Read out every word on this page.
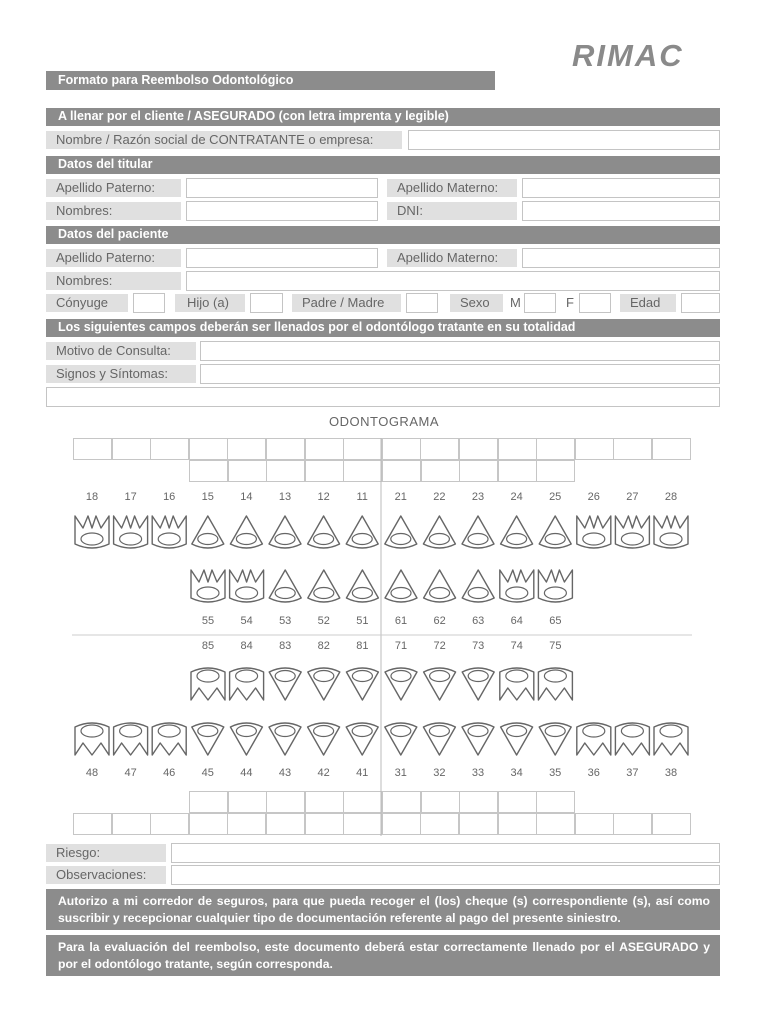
RIMAC
Formato para Reembolso Odontológico
A llenar por el cliente / ASEGURADO (con letra imprenta y legible)
Nombre / Razón social de CONTRATANTE o empresa:
Datos del titular
Apellido Paterno:	Apellido Materno:
Nombres:	DNI:
Datos del paciente
Apellido Paterno:	Apellido Materno:
Nombres:
Cónyuge	Hijo (a)	Padre / Madre	Sexo	M	F	Edad
Los siguientes campos deberán ser llenados por el odontólogo tratante en su totalidad
Motivo de Consulta:
Signos y Síntomas:
ODONTOGRAMA
18	17	16	15	14	13	12	11	21	22	23	24	25	26	27	28
55	54	53	52	51	61	62	63	64	65
85	84	83	82	81	71	72	73	74	75
48	47	46	45	44	43	42	41	31	32	33	34	35	36	37	38
Riesgo:
Observaciones:
Autorizo a mi corredor de seguros, para que pueda recoger el (los) cheque (s) correspondiente (s), así como suscribir y recepcionar cualquier tipo de documentación referente al pago del presente siniestro.
Para la evaluación del reembolso, este documento deberá estar correctamente llenado por el ASEGURADO y por el odontólogo tratante, según corresponda.
